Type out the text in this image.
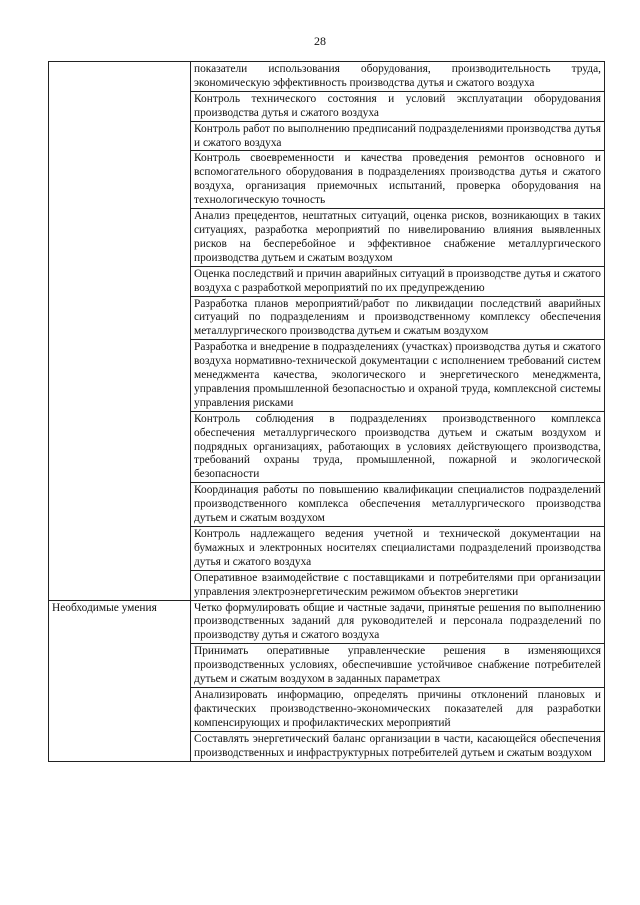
28
	показатели использования оборудования, производительность труда, экономическую эффективность производства дутья и сжатого воздуха
	Контроль технического состояния и условий эксплуатации оборудования производства дутья и сжатого воздуха
	Контроль работ по выполнению предписаний подразделениями производства дутья и сжатого воздуха
	Контроль своевременности и качества проведения ремонтов основного и вспомогательного оборудования в подразделениях производства дутья и сжатого воздуха, организация приемочных испытаний, проверка оборудования на технологическую точность
	Анализ прецедентов, нештатных ситуаций, оценка рисков, возникающих в таких ситуациях, разработка мероприятий по нивелированию влияния выявленных рисков на бесперебойное и эффективное снабжение металлургического производства дутьем и сжатым воздухом
	Оценка последствий и причин аварийных ситуаций в производстве дутья и сжатого воздуха с разработкой мероприятий по их предупреждению
	Разработка планов мероприятий/работ по ликвидации последствий аварийных ситуаций по подразделениям и производственному комплексу обеспечения металлургического производства дутьем и сжатым воздухом
	Разработка и внедрение в подразделениях (участках) производства дутья и сжатого воздуха нормативно-технической документации с исполнением требований систем менеджмента качества, экологического и энергетического менеджмента, управления промышленной безопасностью и охраной труда, комплексной системы управления рисками
	Контроль соблюдения в подразделениях производственного комплекса обеспечения металлургического производства дутьем и сжатым воздухом и подрядных организациях, работающих в условиях действующего производства, требований охраны труда, промышленной, пожарной и экологической безопасности
	Координация работы по повышению квалификации специалистов подразделений производственного комплекса обеспечения металлургического производства дутьем и сжатым воздухом
	Контроль надлежащего ведения учетной и технической документации на бумажных и электронных носителях специалистами подразделений производства дутья и сжатого воздуха
	Оперативное взаимодействие с поставщиками и потребителями при организации управления электроэнергетическим режимом объектов энергетики
Необходимые умения	Четко формулировать общие и частные задачи, принятые решения по выполнению производственных заданий для руководителей и персонала подразделений по производству дутья и сжатого воздуха
	Принимать оперативные управленческие решения в изменяющихся производственных условиях, обеспечившие устойчивое снабжение потребителей дутьем и сжатым воздухом в заданных параметрах
	Анализировать информацию, определять причины отклонений плановых и фактических производственно-экономических показателей для разработки компенсирующих и профилактических мероприятий
	Составлять энергетический баланс организации в части, касающейся обеспечения производственных и инфраструктурных потребителей дутьем и сжатым воздухом
